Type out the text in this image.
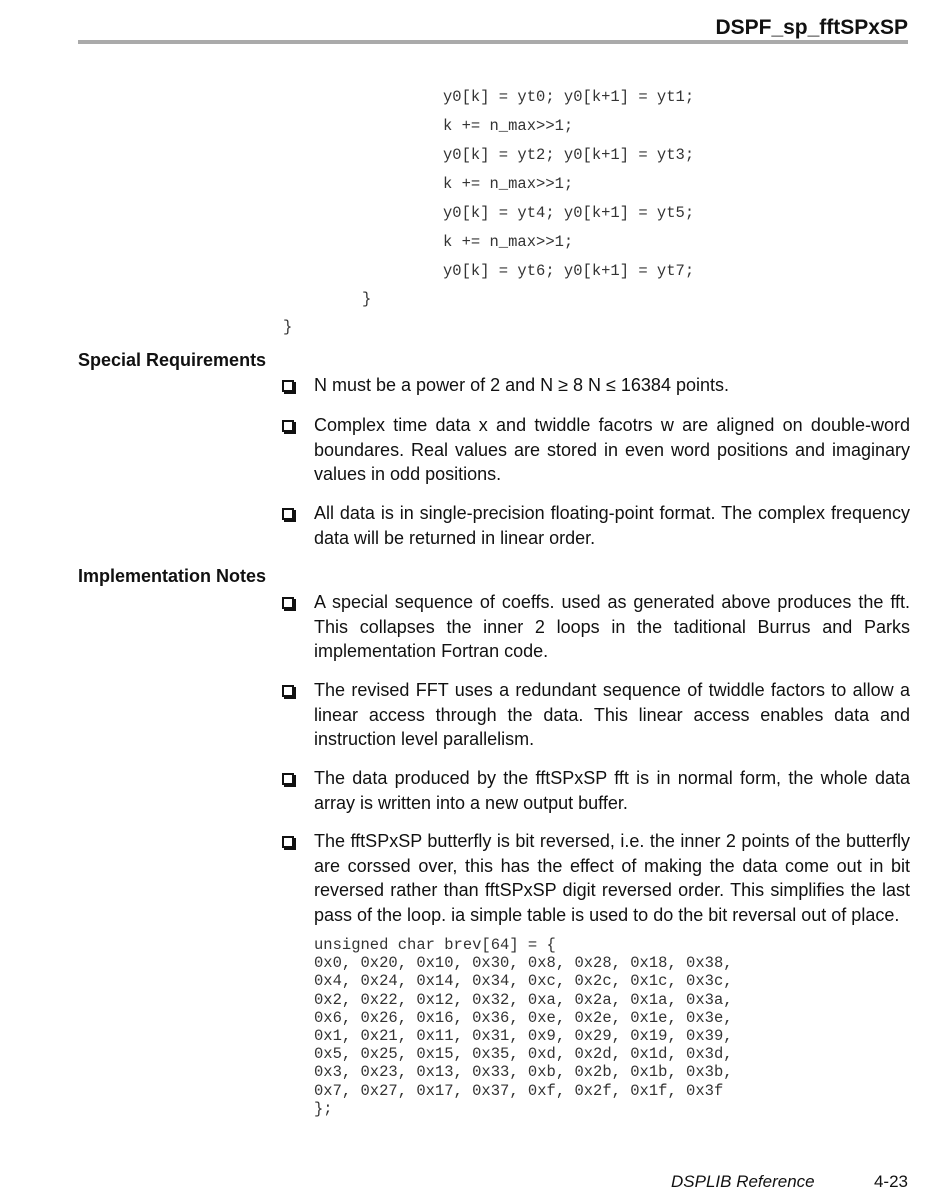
DSPF_sp_fftSPxSP
y0[k] = yt0; y0[k+1] = yt1;
k += n_max>>1;
y0[k] = yt2; y0[k+1] = yt3;
k += n_max>>1;
y0[k] = yt4; y0[k+1] = yt5;
k += n_max>>1;
y0[k] = yt6; y0[k+1] = yt7;
}
}
Special Requirements
N must be a power of 2 and N ≥ 8 N ≤ 16384 points.
Complex time data x and twiddle facotrs w are aligned on double-word boundares. Real values are stored in even word positions and imaginary values in odd positions.
All data is in single-precision floating-point format. The complex frequency data will be returned in linear order.
Implementation Notes
A special sequence of coeffs. used as generated above produces the fft. This collapses the inner 2 loops in the taditional Burrus and Parks implementation Fortran code.
The revised FFT uses a redundant sequence of twiddle factors to allow a linear access through the data. This linear access enables data and instruction level parallelism.
The data produced by the fftSPxSP fft is in normal form, the whole data array is written into a new output buffer.
The fftSPxSP butterfly is bit reversed, i.e. the inner 2 points of the butterfly are corssed over, this has the effect of making the data come out in bit reversed rather than fftSPxSP digit reversed order. This simplifies the last pass of the loop. ia simple table is used to do the bit reversal out of place.
unsigned char brev[64] = {
0x0, 0x20, 0x10, 0x30, 0x8, 0x28, 0x18, 0x38,
0x4, 0x24, 0x14, 0x34, 0xc, 0x2c, 0x1c, 0x3c,
0x2, 0x22, 0x12, 0x32, 0xa, 0x2a, 0x1a, 0x3a,
0x6, 0x26, 0x16, 0x36, 0xe, 0x2e, 0x1e, 0x3e,
0x1, 0x21, 0x11, 0x31, 0x9, 0x29, 0x19, 0x39,
0x5, 0x25, 0x15, 0x35, 0xd, 0x2d, 0x1d, 0x3d,
0x3, 0x23, 0x13, 0x33, 0xb, 0x2b, 0x1b, 0x3b,
0x7, 0x27, 0x17, 0x37, 0xf, 0x2f, 0x1f, 0x3f
};
DSPLIB Reference	4-23
